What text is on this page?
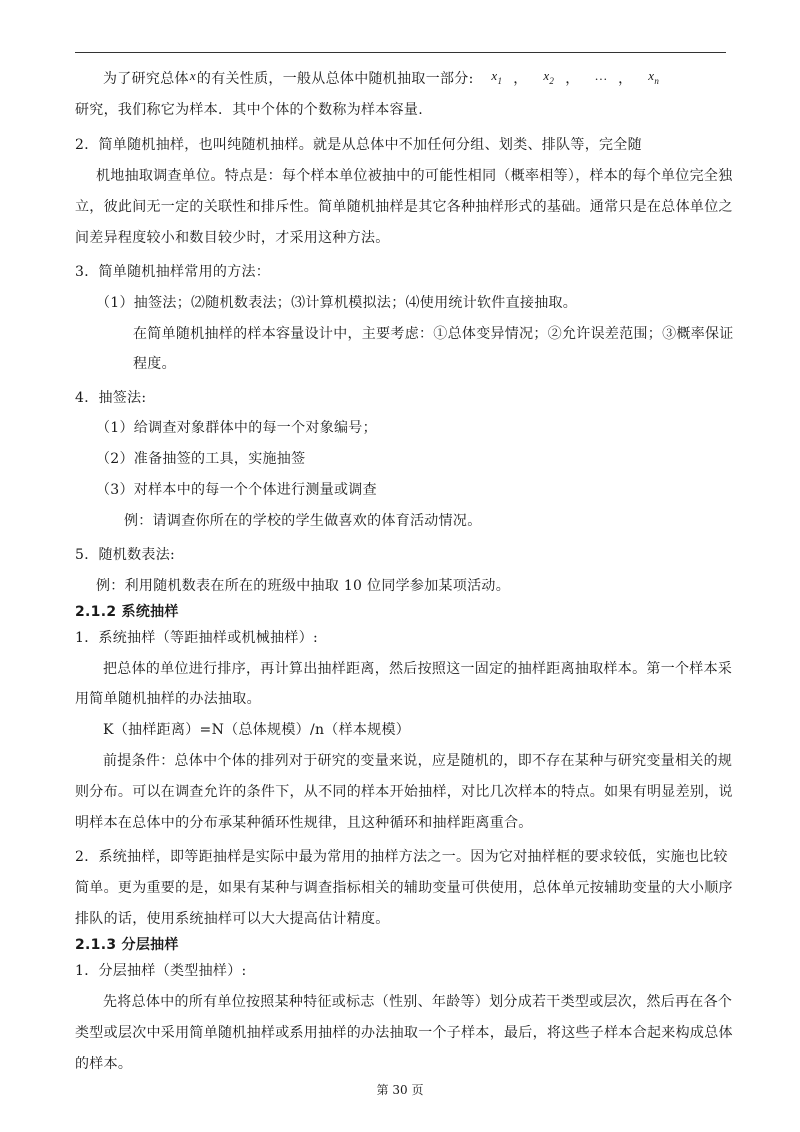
为了研究总体x的有关性质，一般从总体中随机抽取一部分: $x_1$ ， $x_2$ ， … ， $x_n$
研究，我们称它为样本．其中个体的个数称为样本容量.
2．简单随机抽样，也叫纯随机抽样。就是从总体中不加任何分组、划类、排队等，完全随
机地抽取调查单位。特点是：每个样本单位被抽中的可能性相同（概率相等），样本的每个单位完全独
立，彼此间无一定的关联性和排斥性。简单随机抽样是其它各种抽样形式的基础。通常只是在总体单位之
间差异程度较小和数目较少时，才采用这种方法。
3．简单随机抽样常用的方法：
（1）抽签法；⑵随机数表法；⑶计算机模拟法；⑷使用统计软件直接抽取。
在简单随机抽样的样本容量设计中，主要考虑：①总体变异情况；②允许误差范围；③概率保证
程度。
4．抽签法:
（1）给调查对象群体中的每一个对象编号；
（2）准备抽签的工具，实施抽签
（3）对样本中的每一个个体进行测量或调查
例：请调查你所在的学校的学生做喜欢的体育活动情况。
5．随机数表法:
例：利用随机数表在所在的班级中抽取 10 位同学参加某项活动。
2.1.2 系统抽样
1．系统抽样（等距抽样或机械抽样）:
把总体的单位进行排序，再计算出抽样距离，然后按照这一固定的抽样距离抽取样本。第一个样本采
用简单随机抽样的办法抽取。
K（抽样距离）=N（总体规模）/n（样本规模）
前提条件：总体中个体的排列对于研究的变量来说，应是随机的，即不存在某种与研究变量相关的规
则分布。可以在调查允许的条件下，从不同的样本开始抽样，对比几次样本的特点。如果有明显差别，说
明样本在总体中的分布承某种循环性规律，且这种循环和抽样距离重合。
2．系统抽样，即等距抽样是实际中最为常用的抽样方法之一。因为它对抽样框的要求较低，实施也比较
简单。更为重要的是，如果有某种与调查指标相关的辅助变量可供使用，总体单元按辅助变量的大小顺序
排队的话，使用系统抽样可以大大提高估计精度。
2.1.3 分层抽样
1．分层抽样（类型抽样）:
先将总体中的所有单位按照某种特征或标志（性别、年龄等）划分成若干类型或层次，然后再在各个
类型或层次中采用简单随机抽样或系用抽样的办法抽取一个子样本，最后，将这些子样本合起来构成总体
的样本。
第 30 页
